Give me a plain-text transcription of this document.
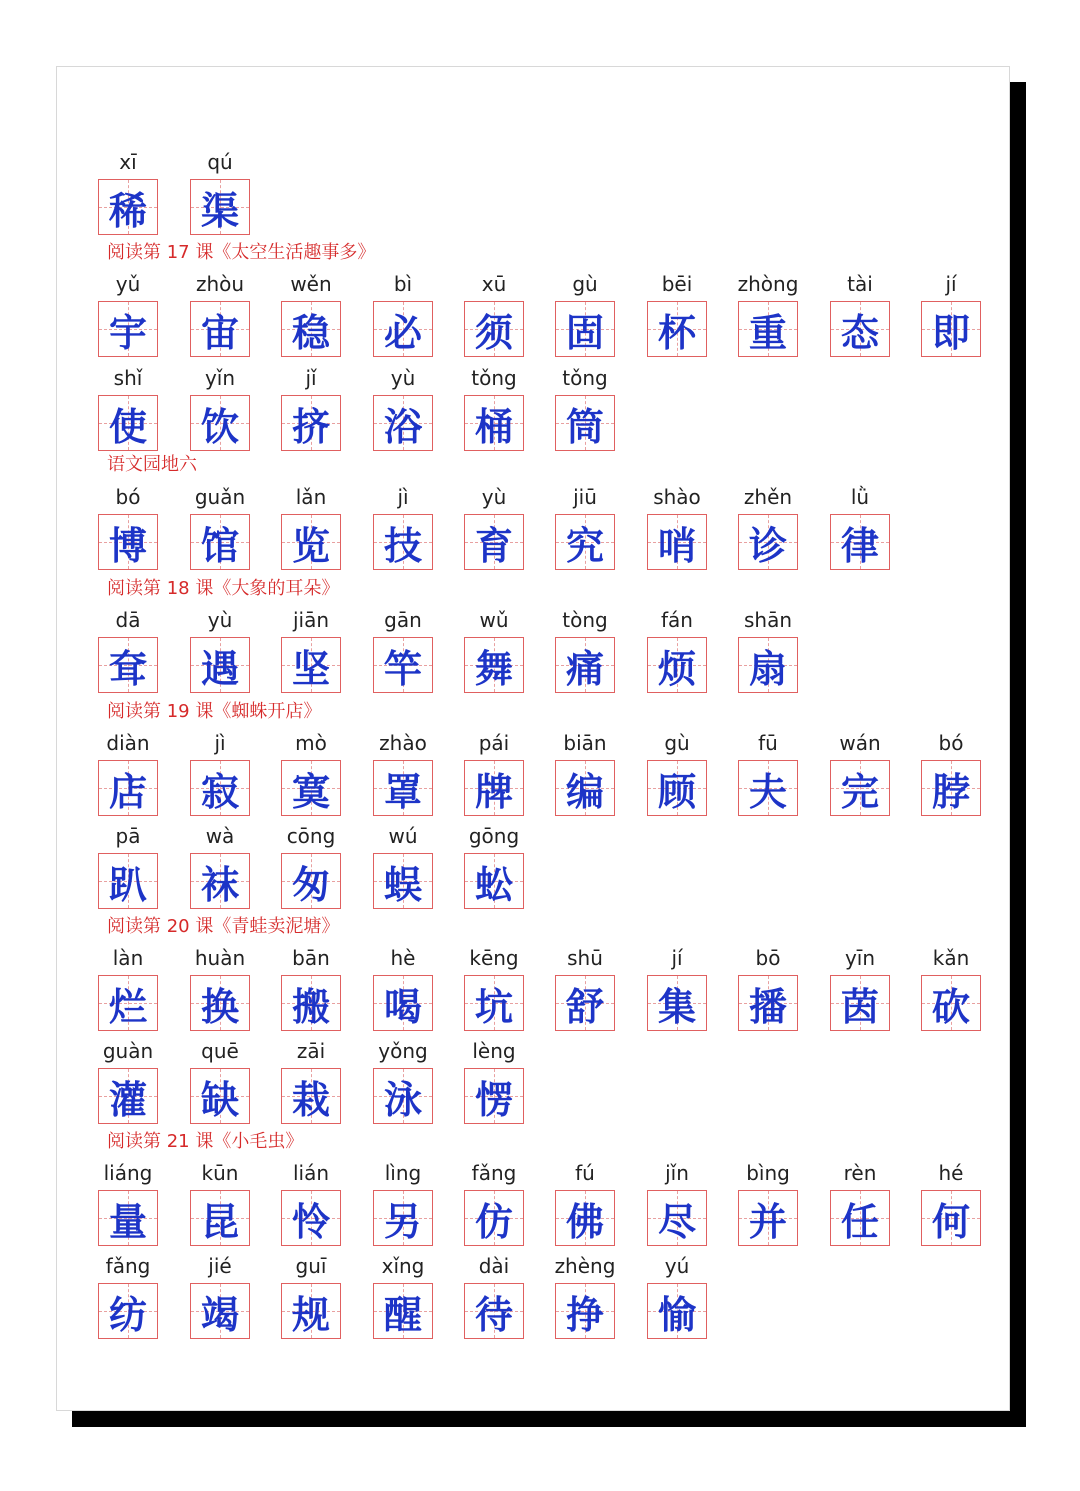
xī
稀
qú
渠
阅读第 17 课《太空生活趣事多》
yǔ
宇
zhòu
宙
wěn
稳
bì
必
xū
须
gù
固
bēi
杯
zhòng
重
tài
态
jí
即
shǐ
使
yǐn
饮
jǐ
挤
yù
浴
tǒng
桶
tǒng
筒
语文园地六
bó
博
guǎn
馆
lǎn
览
jì
技
yù
育
jiū
究
shào
哨
zhěn
诊
lǜ
律
阅读第 18 课《大象的耳朵》
dā
耷
yù
遇
jiān
坚
gān
竿
wǔ
舞
tòng
痛
fán
烦
shān
扇
阅读第 19 课《蜘蛛开店》
diàn
店
jì
寂
mò
寞
zhào
罩
pái
牌
biān
编
gù
顾
fū
夫
wán
完
bó
脖
pā
趴
wà
袜
cōng
匆
wú
蜈
gōng
蚣
阅读第 20 课《青蛙卖泥塘》
làn
烂
huàn
换
bān
搬
hè
喝
kēng
坑
shū
舒
jí
集
bō
播
yīn
茵
kǎn
砍
guàn
灌
quē
缺
zāi
栽
yǒng
泳
lèng
愣
阅读第 21 课《小毛虫》
liáng
量
kūn
昆
lián
怜
lìng
另
fǎng
仿
fú
佛
jǐn
尽
bìng
并
rèn
任
hé
何
fǎng
纺
jié
竭
guī
规
xǐng
醒
dài
待
zhèng
挣
yú
愉
